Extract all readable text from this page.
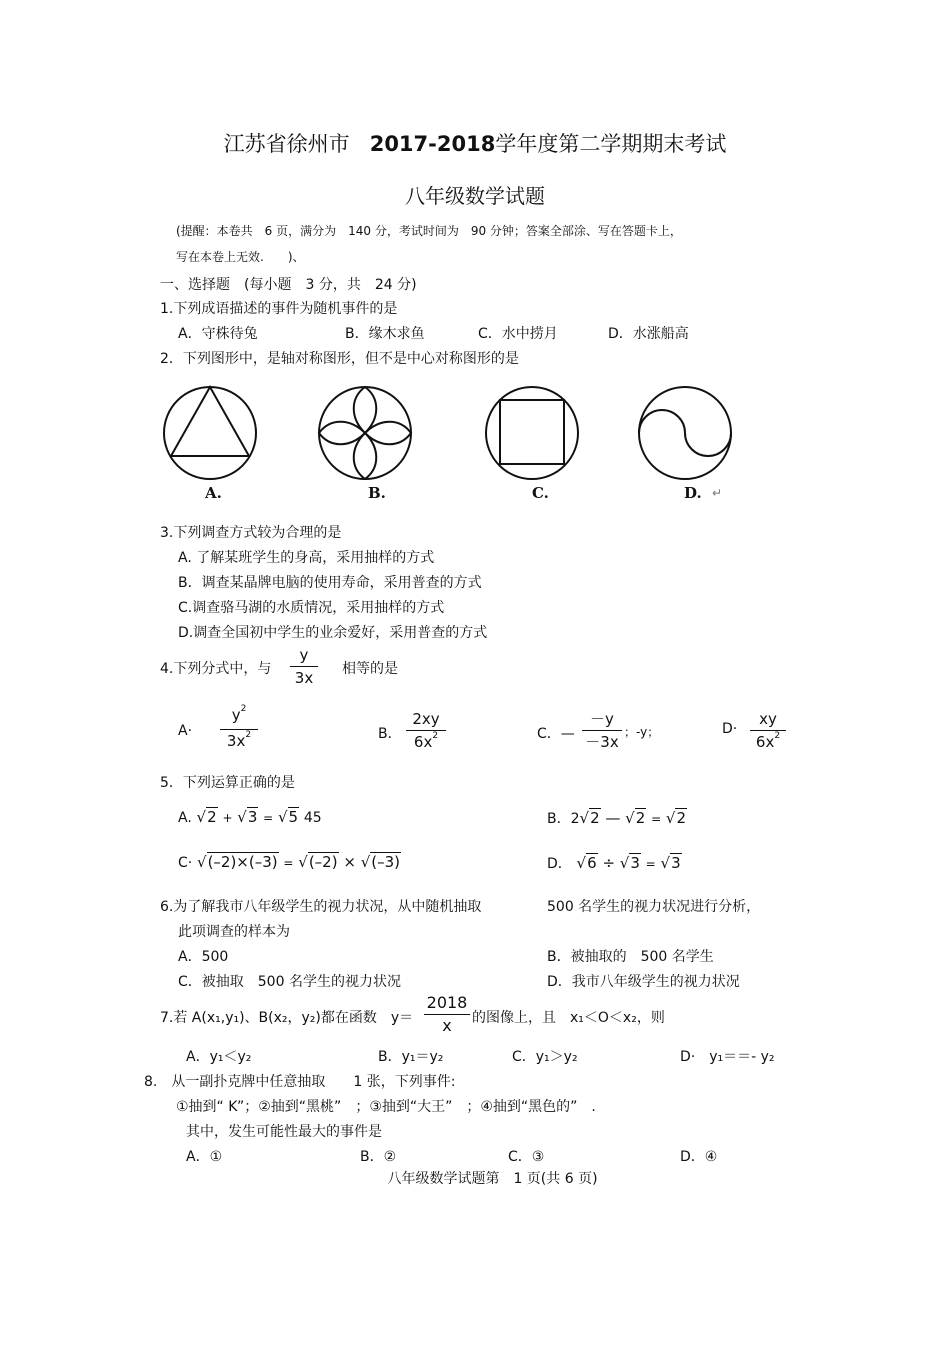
江苏省徐州市 2017-2018学年度第二学期期末考试
八年级数学试题
(提醒：本卷共　6 页，满分为　140 分，考试时间为　90 分钟；答案全部涂、写在答题卡上，
写在本卷上无效.　　)、
一、选择题　(每小题　3 分，共　24 分)
1.下列成语描述的事件为随机事件的是
A．守株待兔	B．缘木求鱼	C．水中捞月	D．水涨船高
2．下列图形中，是轴对称图形，但不是中心对称图形的是
A.	B.	C.	D. ↵
3.下列调查方式较为合理的是
A. 了解某班学生的身高，采用抽样的方式
B．调查某晶牌电脑的使用寿命，采用普查的方式
C.调查骆马湖的水质情况，采用抽样的方式
D.调查全国初中学生的业余爱好，采用普查的方式
4.下列分式中，与
y
3x	相等的是
A·
$y^2$
$3x^2$	B．
2xy
$6x^2$	C．—
－y
－3x
；-y；	D·
xy
$6x^2$
5．下列运算正确的是
A. √2 + √3 = √5 45	B．2√2 — √2 = √2
C· √(–2)×(–3) = √(–2) × √(–3)	D． √6 ÷ √3 = √3
6.为了解我市八年级学生的视力状况，从中随机抽取	500 名学生的视力状况进行分析，
此项调查的样本为
A．500	B．被抽取的　500 名学生
C．被抽取　500 名学生的视力状况	D．我市八年级学生的视力状况
7.若 A(x₁,y₁)、B(x₂，y₂)都在函数　y＝
2018
x	的图像上，且　x₁＜O＜x₂，则
A．y₁＜y₂	B．y₁＝y₂	C．y₁＞y₂	D·　y₁＝＝- y₂
8.　从一副扑克牌中任意抽取　　1 张，下列事件:
①抽到“ K”；②抽到“黑桃”　；③抽到“大王”　；④抽到“黑色的”　.
其中，发生可能性最大的事件是
A．①	B．②	C．③	D．④
八年级数学试题第　1 页(共 6 页)
